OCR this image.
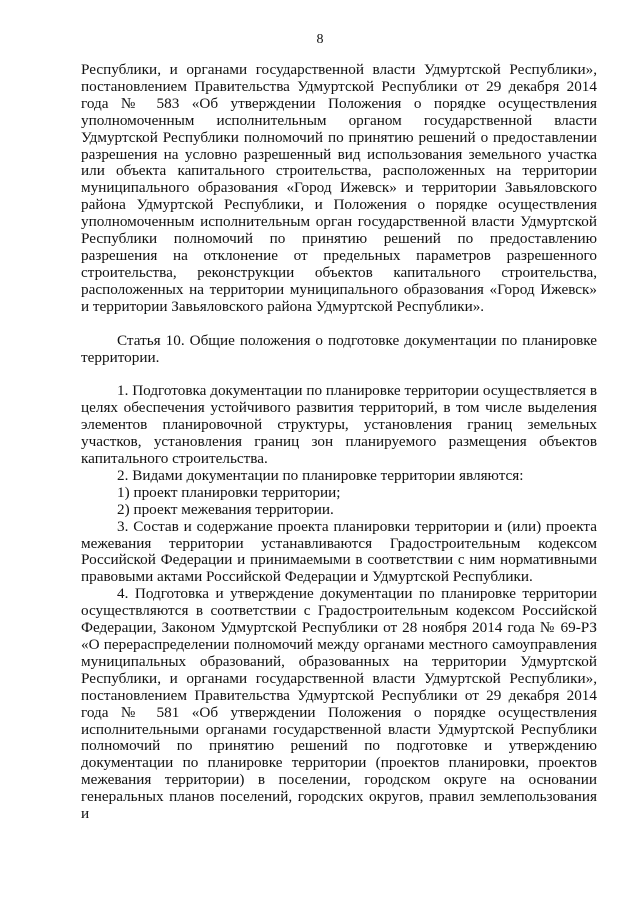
8

Республики, и органами государственной власти Удмуртской Республики», постановлением Правительства Удмуртской Республики от 29 декабря 2014 года № 583 «Об утверждении Положения о порядке осуществления уполномоченным исполнительным органом государственной власти Удмуртской Республики полномочий по принятию решений о предоставлении разрешения на условно разрешенный вид использования земельного участка или объекта капитального строительства, расположенных на территории муниципального образования «Город Ижевск» и территории Завьяловского района Удмуртской Республики, и Положения о порядке осуществления уполномоченным исполнительным орган государственной власти Удмуртской Республики полномочий по принятию решений по предоставлению разрешения на отклонение от предельных параметров разрешенного строительства, реконструкции объектов капитального строительства, расположенных на территории муниципального образования «Город Ижевск» и территории Завьяловского района Удмуртской Республики».

Статья 10. Общие положения о подготовке документации по планировке территории.

1. Подготовка документации по планировке территории осуществляется в целях обеспечения устойчивого развития территорий, в том числе выделения элементов планировочной структуры, установления границ земельных участков, установления границ зон планируемого размещения объектов капитального строительства.

2. Видами документации по планировке территории являются:

1) проект планировки территории;

2) проект межевания территории.

3. Состав и содержание проекта планировки территории и (или) проекта межевания территории устанавливаются Градостроительным кодексом Российской Федерации и принимаемыми в соответствии с ним нормативными правовыми актами Российской Федерации и Удмуртской Республики.

4. Подготовка и утверждение документации по планировке территории осуществляются в соответствии с Градостроительным кодексом Российской Федерации, Законом Удмуртской Республики от 28 ноября 2014 года № 69-РЗ «О перераспределении полномочий между органами местного самоуправления муниципальных образований, образованных на территории Удмуртской Республики, и органами государственной власти Удмуртской Республики», постановлением Правительства Удмуртской Республики от 29 декабря 2014 года № 581 «Об утверждении Положения о порядке осуществления исполнительными органами государственной власти Удмуртской Республики полномочий по принятию решений по подготовке и утверждению документации по планировке территории (проектов планировки, проектов межевания территории) в поселении, городском округе на основании генеральных планов поселений, городских округов, правил землепользования и
